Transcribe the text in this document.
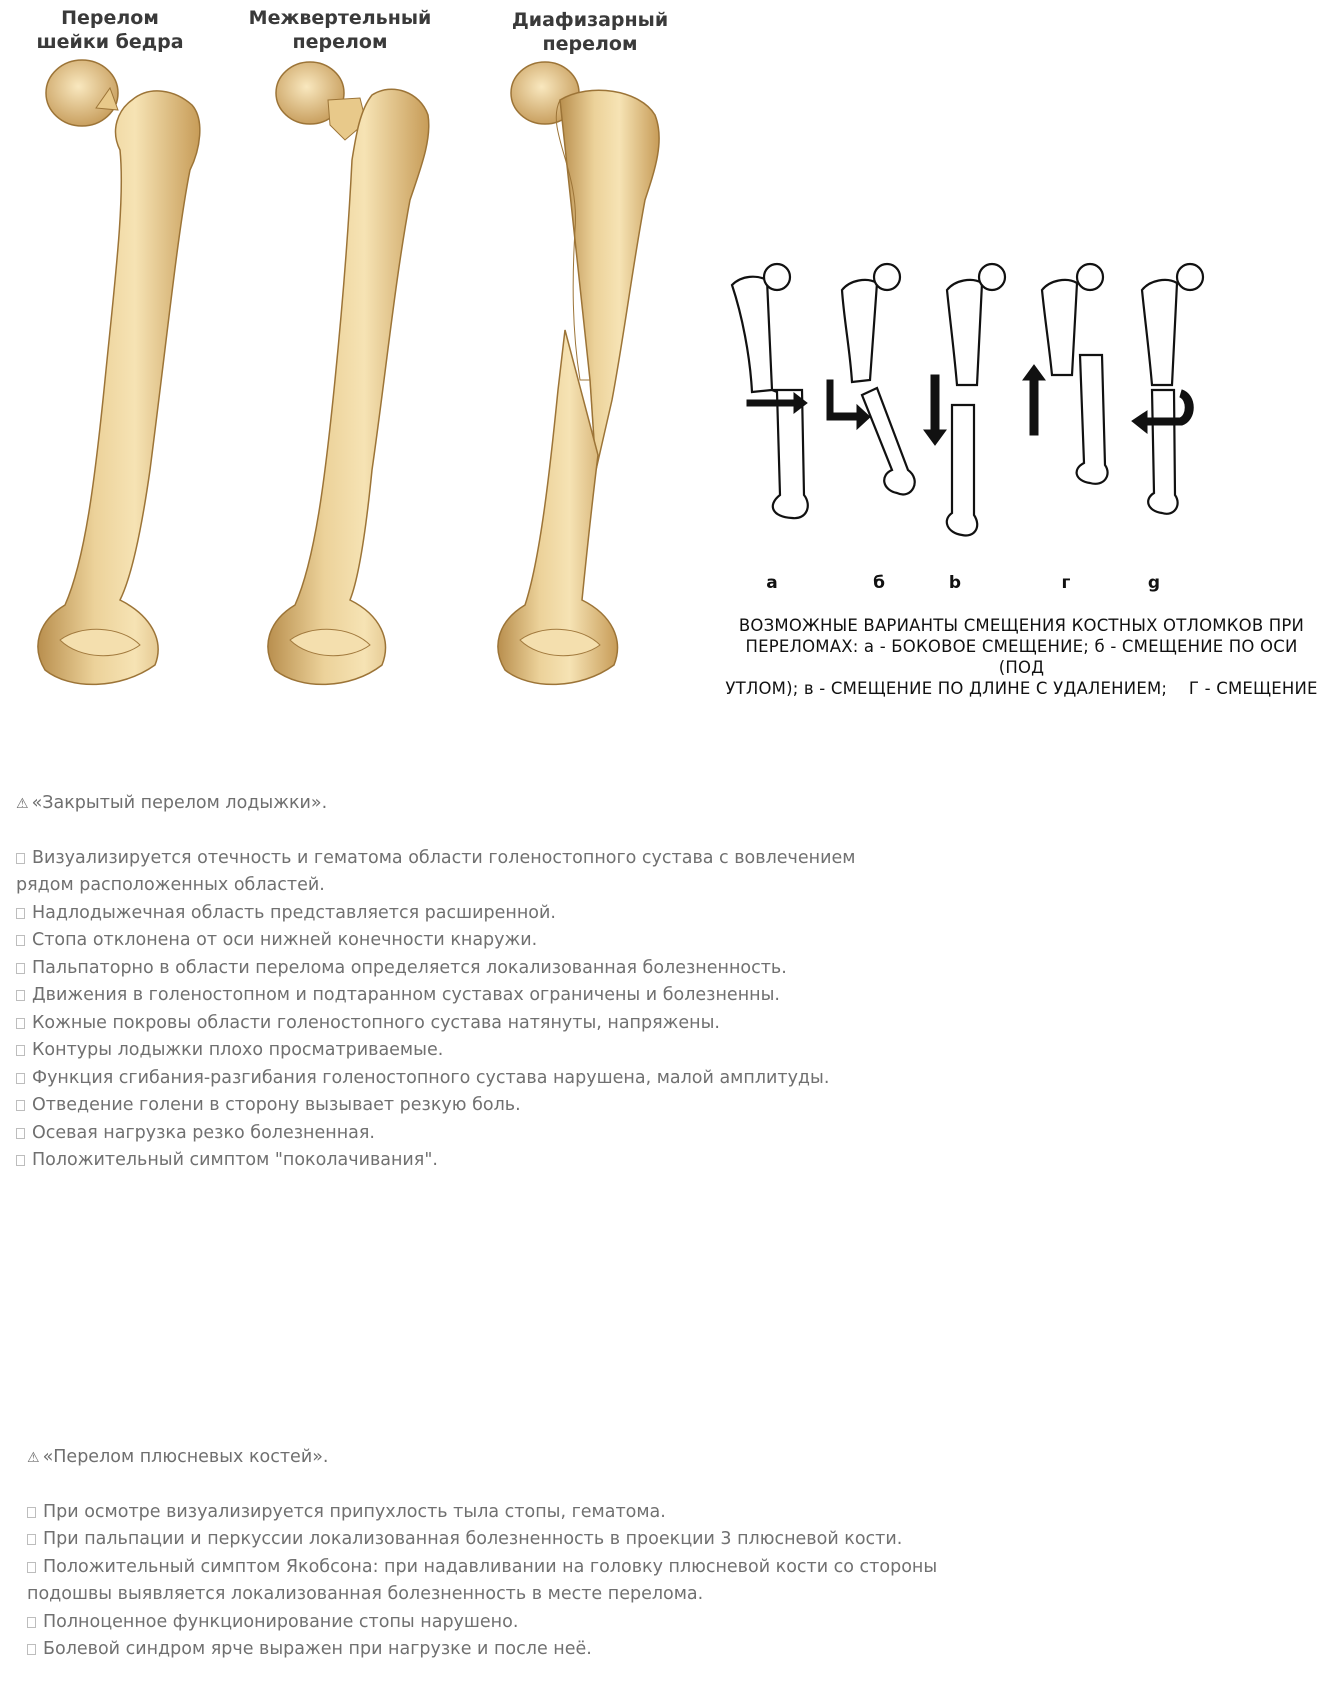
Перелом
шейки бедра
Межвертельный
перелом
Диафизарный
перелом
а	б	b	г	g
ВОЗМОЖНЫЕ ВАРИАНТЫ СМЕЩЕНИЯ КОСТНЫХ ОТЛОМКОВ ПРИ
ПЕРЕЛОМАХ: а - БОКОВОЕ СМЕЩЕНИЕ; б - СМЕЩЕНИЕ ПО ОСИ
(ПОД
УТЛОМ); в - СМЕЩЕНИЕ ПО ДЛИНЕ С УДАЛЕНИЕМ;    Г - СМЕЩЕНИЕ
⚠ «Закрытый перелом лодыжки».
Визуализируется отечность и гематома области голеностопного сустава с вовлечением рядом расположенных областей.
Надлодыжечная область представляется расширенной.
Стопа отклонена от оси нижней конечности кнаружи.
Пальпаторно в области перелома определяется локализованная болезненность.
Движения в голеностопном и подтаранном суставах ограничены и болезненны.
Кожные покровы области голеностопного сустава натянуты, напряжены.
Контуры лодыжки плохо просматриваемые.
Функция сгибания-разгибания голеностопного сустава нарушена, малой амплитуды.
Отведение голени в сторону вызывает резкую боль.
Осевая нагрузка резко болезненная.
Положительный симптом "поколачивания".
⚠ «Перелом плюсневых костей».
При осмотре визуализируется припухлость тыла стопы, гематома.
При пальпации и перкуссии локализованная болезненность в проекции 3 плюсневой кости.
Положительный симптом Якобсона: при надавливании на головку плюсневой кости со стороны подошвы выявляется локализованная болезненность в месте перелома.
Полноценное функционирование стопы нарушено.
Болевой синдром ярче выражен при нагрузке и после неё.
